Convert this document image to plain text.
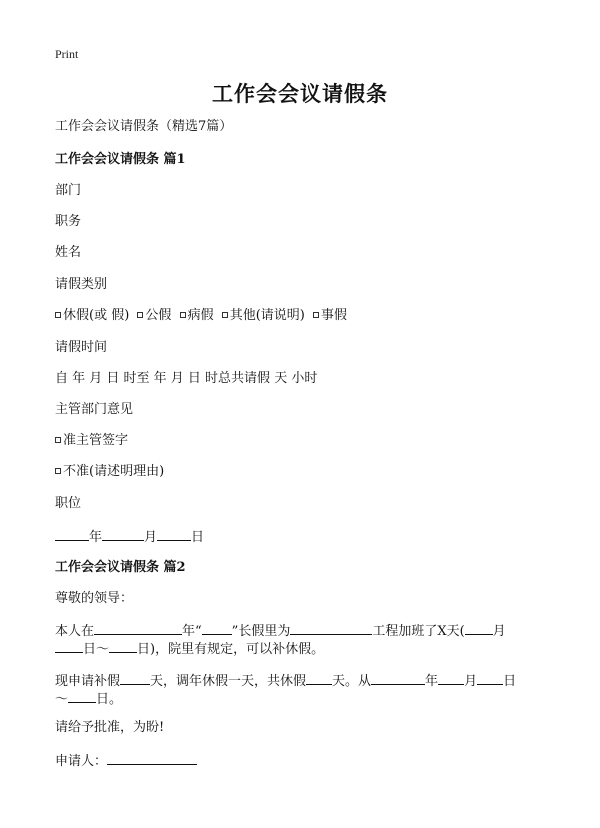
Print
工作会会议请假条
工作会会议请假条（精选7篇）
工作会会议请假条 篇1
部门
职务
姓名
请假类别
休假(或 假) 公假 病假 其他(请说明) 事假
请假时间
自 年 月 日 时至 年 月 日 时总共请假 天 小时
主管部门意见
准主管签字
不准(请述明理由)
职位
年	月	日
工作会会议请假条 篇2
尊敬的领导：
本人在	年“ ”长假里为	工程加班了X天( 月
日～ 日)，院里有规定，可以补休假。
现申请补假 天，调年休假一天，共休假 天。从	年 月 日
～ 日。
请给予批准，为盼!
申请人：
